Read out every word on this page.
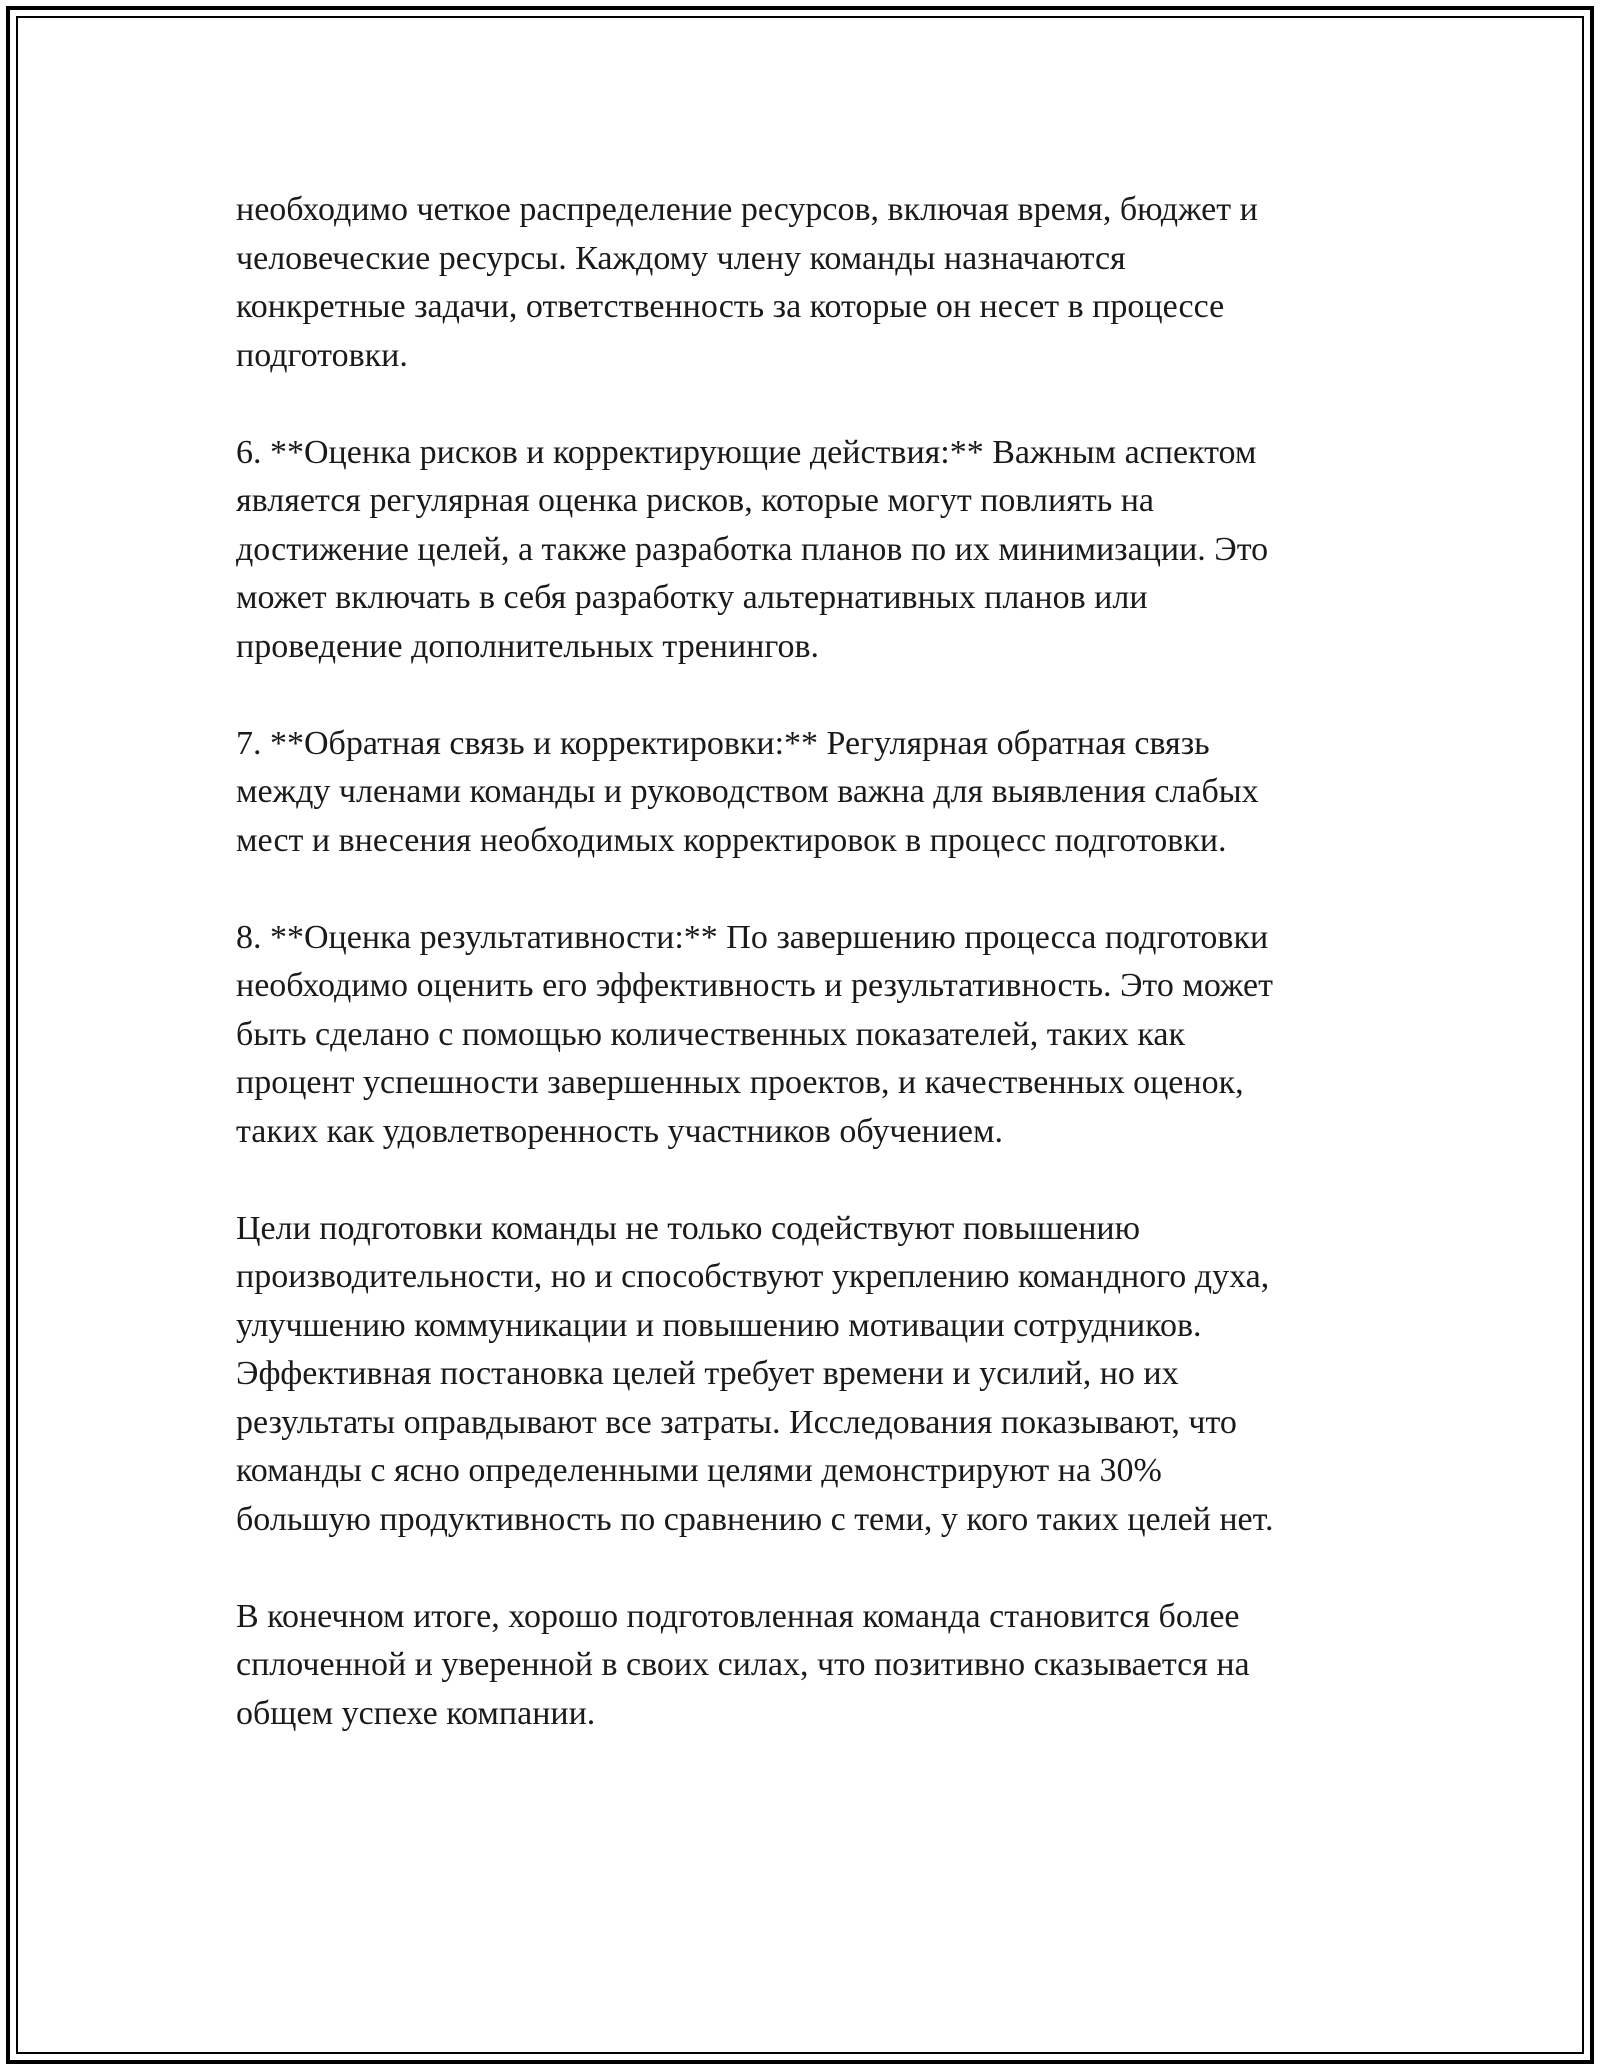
необходимо четкое распределение ресурсов, включая время, бюджет и
человеческие ресурсы. Каждому члену команды назначаются
конкретные задачи, ответственность за которые он несет в процессе
подготовки.

6. **Оценка рисков и корректирующие действия:** Важным аспектом
является регулярная оценка рисков, которые могут повлиять на
достижение целей, а также разработка планов по их минимизации. Это
может включать в себя разработку альтернативных планов или
проведение дополнительных тренингов.

7. **Обратная связь и корректировки:** Регулярная обратная связь
между членами команды и руководством важна для выявления слабых
мест и внесения необходимых корректировок в процесс подготовки.

8. **Оценка результативности:** По завершению процесса подготовки
необходимо оценить его эффективность и результативность. Это может
быть сделано с помощью количественных показателей, таких как
процент успешности завершенных проектов, и качественных оценок,
таких как удовлетворенность участников обучением.

Цели подготовки команды не только содействуют повышению
производительности, но и способствуют укреплению командного духа,
улучшению коммуникации и повышению мотивации сотрудников.
Эффективная постановка целей требует времени и усилий, но их
результаты оправдывают все затраты. Исследования показывают, что
команды с ясно определенными целями демонстрируют на 30%
большую продуктивность по сравнению с теми, у кого таких целей нет.

В конечном итоге, хорошо подготовленная команда становится более
сплоченной и уверенной в своих силах, что позитивно сказывается на
общем успехе компании.
